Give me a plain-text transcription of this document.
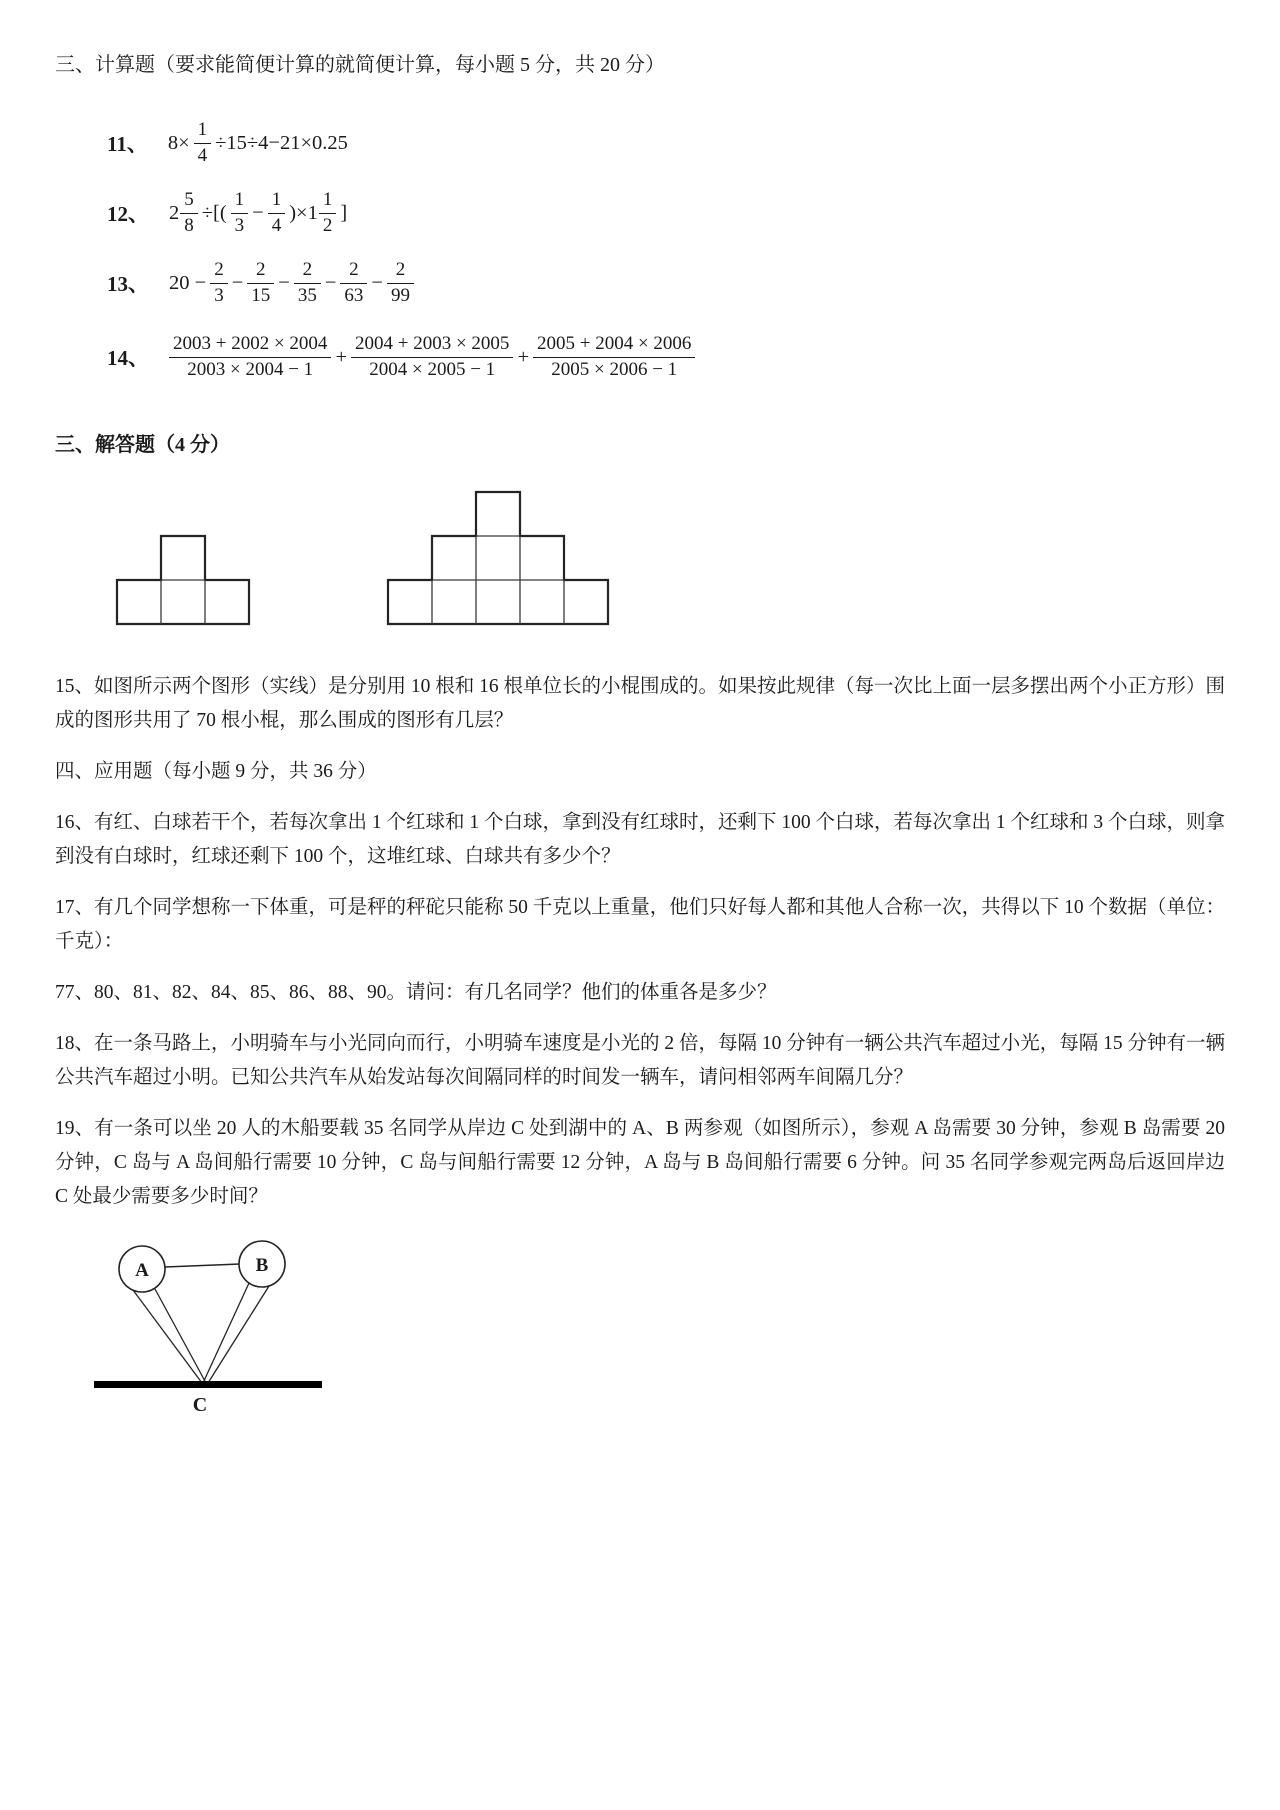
三、计算题（要求能简便计算的就简便计算，每小题 5 分，共 20 分）

11、 $8\times \frac{1}{4} \div 15\div 4-21\times 0.25$
12、 $2 \frac{5}{8}$ ÷[( $\frac{1}{3} - \frac{1}{4} )\times 1 \frac{1}{2}$ ]
13、 $20 - \frac{2}{3} - \frac{2}{15} - \frac{2}{35} - \frac{2}{63} - \frac{2}{99}$
14、 $\frac{2003 + 2002 \times 2004}{2003 \times 2004 - 1} + \frac{2004 + 2003 \times 2005}{2004 \times 2005 - 1} + \frac{2005 + 2004 \times 2006}{2005 \times 2006 - 1}$

三、解答题（4 分）

15、如图所示两个图形（实线）是分别用 10 根和 16 根单位长的小棍围成的。如果按此规律（每一次比上面一层多摆出两个小正方形）围成的图形共用了 70 根小棍，那么围成的图形有几层？

四、应用题（每小题 9 分，共 36 分）

16、有红、白球若干个，若每次拿出 1 个红球和 1 个白球，拿到没有红球时，还剩下 100 个白球，若每次拿出 1 个红球和 3 个白球，则拿到没有白球时，红球还剩下 100 个，这堆红球、白球共有多少个？

17、有几个同学想称一下体重，可是秤的秤砣只能称 50 千克以上重量，他们只好每人都和其他人合称一次，共得以下 10 个数据（单位：千克）：

77、80、81、82、84、85、86、88、90。请问：有几名同学？他们的体重各是多少？

18、在一条马路上，小明骑车与小光同向而行，小明骑车速度是小光的 2 倍，每隔 10 分钟有一辆公共汽车超过小光，每隔 15 分钟有一辆公共汽车超过小明。已知公共汽车从始发站每次间隔同样的时间发一辆车，请问相邻两车间隔几分？

19、有一条可以坐 20 人的木船要载 35 名同学从岸边 C 处到湖中的 A、B 两参观（如图所示），参观 A 岛需要 30 分钟，参观 B 岛需要 20 分钟，C 岛与 A 岛间船行需要 10 分钟，C 岛与间船行需要 12 分钟，A 岛与 B 岛间船行需要 6 分钟。问 35 名同学参观完两岛后返回岸边 C 处最少需要多少时间？

A	B
C
